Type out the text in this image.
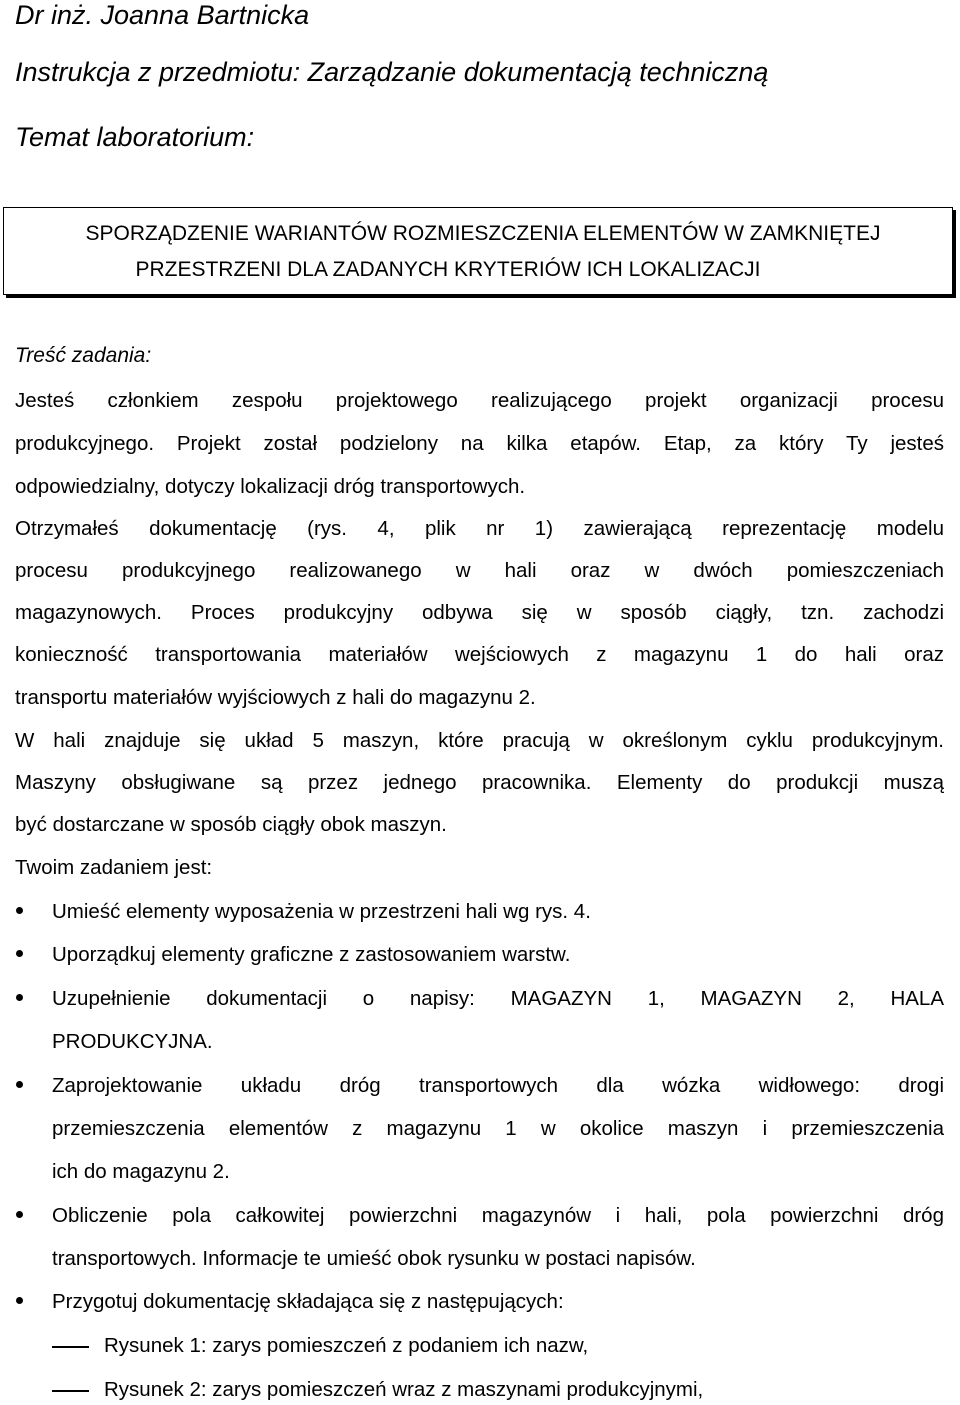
Dr inż. Joanna Bartnicka

Instrukcja z przedmiotu: Zarządzanie dokumentacją techniczną

Temat laboratorium:

SPORZĄDZENIE WARIANTÓW ROZMIESZCZENIA ELEMENTÓW W ZAMKNIĘTEJ

PRZESTRZENI DLA ZADANYCH KRYTERIÓW ICH LOKALIZACJI

Treść zadania:

Jesteś członkiem zespołu projektowego realizującego projekt organizacji procesu

produkcyjnego. Projekt został podzielony na kilka etapów. Etap, za który Ty jesteś

odpowiedzialny, dotyczy lokalizacji dróg transportowych.

Otrzymałeś dokumentację (rys. 4, plik nr 1) zawierającą reprezentację modelu

procesu produkcyjnego realizowanego w hali oraz w dwóch pomieszczeniach

magazynowych. Proces produkcyjny odbywa się w sposób ciągły, tzn. zachodzi

konieczność transportowania materiałów wejściowych z magazynu 1 do hali oraz

transportu materiałów wyjściowych z hali do magazynu 2.

W hali znajduje się układ 5 maszyn, które pracują w określonym cyklu produkcyjnym.

Maszyny obsługiwane są przez jednego pracownika. Elementy do produkcji muszą

być dostarczane w sposób ciągły obok maszyn.

Twoim zadaniem jest:

Umieść elementy wyposażenia w przestrzeni hali wg rys. 4.

Uporządkuj elementy graficzne z zastosowaniem warstw.

Uzupełnienie dokumentacji o napisy: MAGAZYN 1, MAGAZYN 2, HALA

PRODUKCYJNA.

Zaprojektowanie układu dróg transportowych dla wózka widłowego: drogi

przemieszczenia elementów z magazynu 1 w okolice maszyn i przemieszczenia

ich do magazynu 2.

Obliczenie pola całkowitej powierzchni magazynów i hali, pola powierzchni dróg

transportowych. Informacje te umieść obok rysunku w postaci napisów.

Przygotuj dokumentację składająca się z następujących:

Rysunek 1: zarys pomieszczeń z podaniem ich nazw,

Rysunek 2: zarys pomieszczeń wraz z maszynami produkcyjnymi,
